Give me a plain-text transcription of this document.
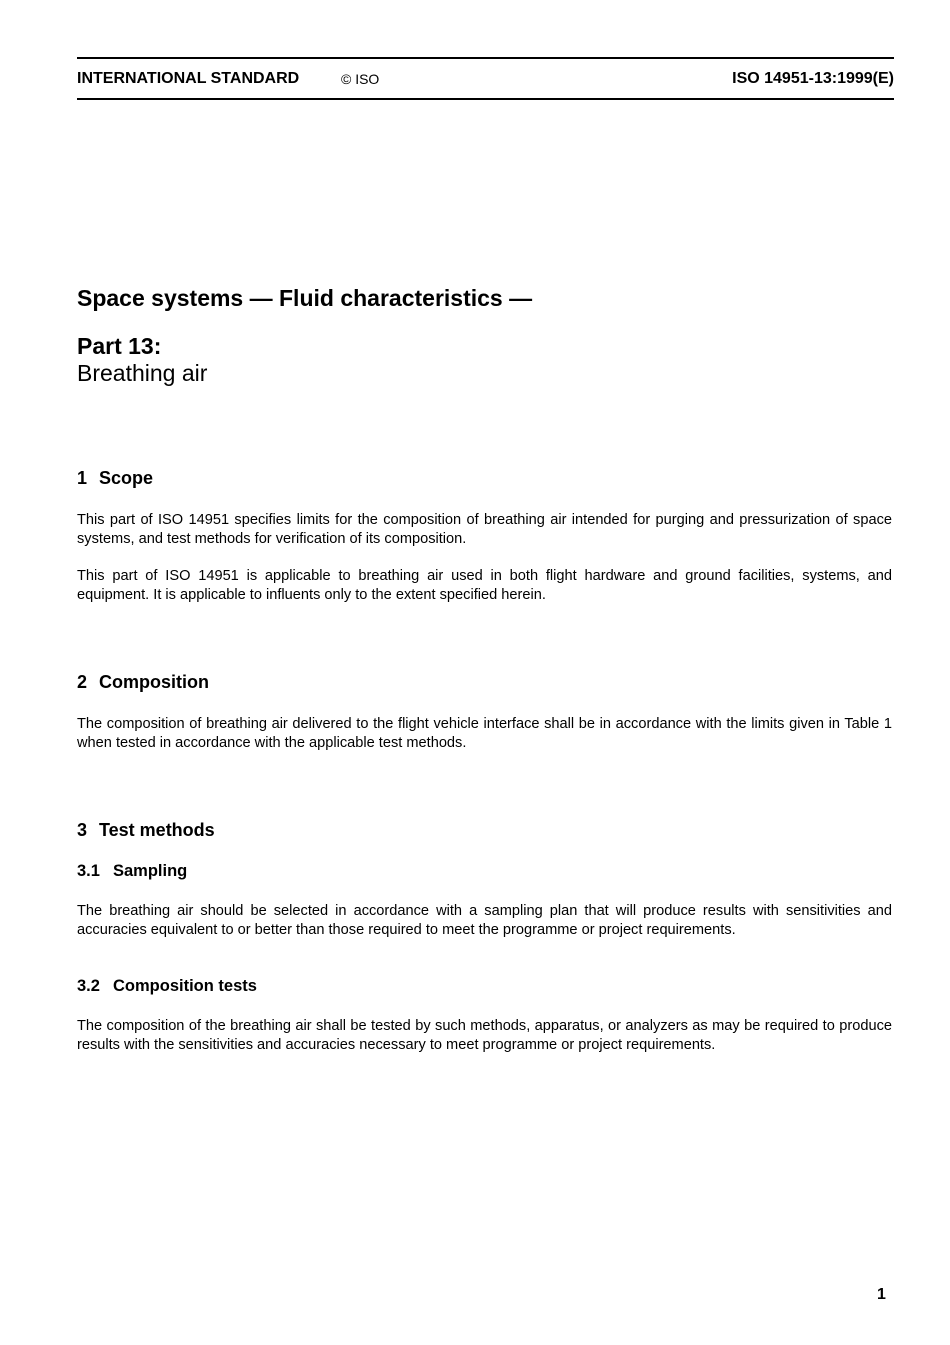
INTERNATIONAL STANDARD	© ISO	ISO 14951-13:1999(E)
Space systems — Fluid characteristics —
Part 13:
Breathing air
1 Scope

This part of ISO 14951 specifies limits for the composition of breathing air intended for purging and pressurization of space systems, and test methods for verification of its composition.

This part of ISO 14951 is applicable to breathing air used in both flight hardware and ground facilities, systems, and equipment. It is applicable to influents only to the extent specified herein.

2 Composition

The composition of breathing air delivered to the flight vehicle interface shall be in accordance with the limits given in Table 1 when tested in accordance with the applicable test methods.

3 Test methods
3.1 Sampling

The breathing air should be selected in accordance with a sampling plan that will produce results with sensitivities and accuracies equivalent to or better than those required to meet the programme or project requirements.

3.2 Composition tests

The composition of the breathing air shall be tested by such methods, apparatus, or analyzers as may be required to produce results with the sensitivities and accuracies necessary to meet programme or project requirements.

1
